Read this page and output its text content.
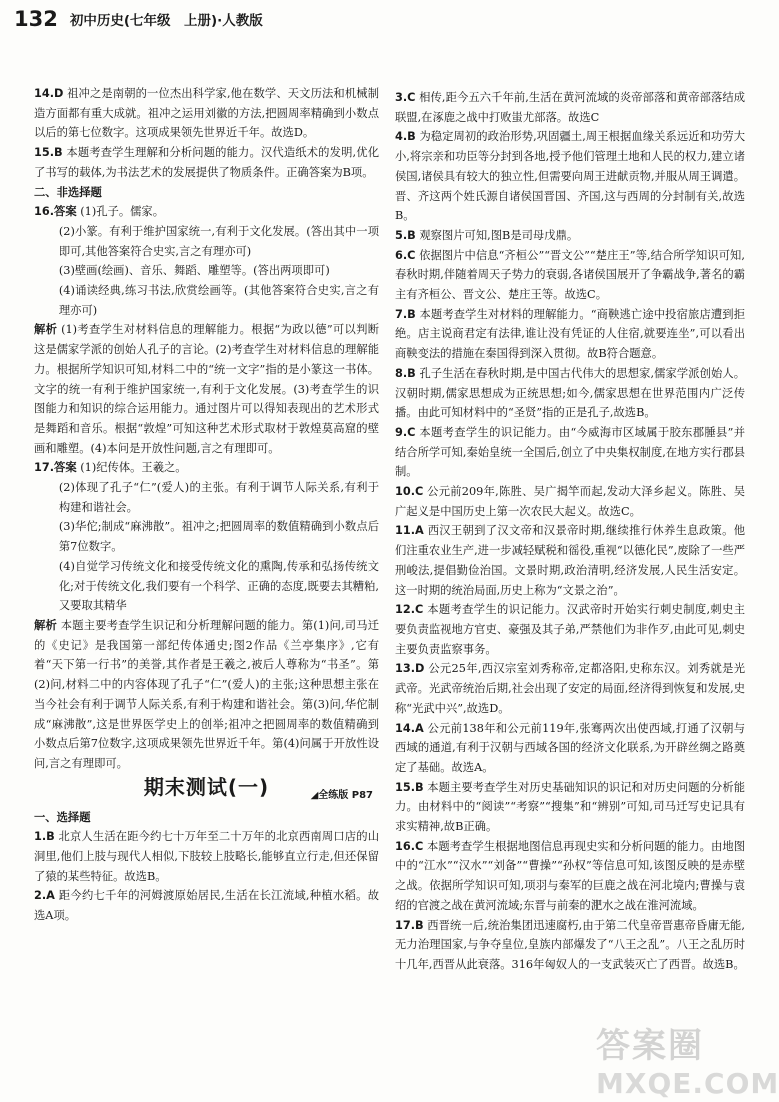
132 初中历史(七年级　上册)·人教版
14.D 祖冲之是南朝的一位杰出科学家,他在数学、天文历法和机械制造方面都有重大成就。祖冲之运用刘徽的方法,把圆周率精确到小数点以后的第七位数字。这项成果领先世界近千年。故选D。
15.B 本题考查学生理解和分析问题的能力。汉代造纸术的发明,优化了书写的载体,为书法艺术的发展提供了物质条件。正确答案为B项。
二、非选择题
16.答案 (1)孔子。儒家。
(2)小篆。有利于维护国家统一,有利于文化发展。(答出其中一项即可,其他答案符合史实,言之有理亦可)
(3)壁画(绘画)、音乐、舞蹈、雕塑等。(答出两项即可)
(4)诵读经典,练习书法,欣赏绘画等。(其他答案符合史实,言之有理亦可)
解析 (1)考查学生对材料信息的理解能力。根据“为政以德”可以判断这是儒家学派的创始人孔子的言论。(2)考查学生对材料信息的理解能力。根据所学知识可知,材料二中的“统一文字”指的是小篆这一书体。文字的统一有利于维护国家统一,有利于文化发展。(3)考查学生的识图能力和知识的综合运用能力。通过图片可以得知表现出的艺术形式是舞蹈和音乐。根据“敦煌”可知这种艺术形式取材于敦煌莫高窟的壁画和雕塑。(4)本问是开放性问题,言之有理即可。
17.答案 (1)纪传体。王羲之。
(2)体现了孔子“仁”(爱人)的主张。有利于调节人际关系,有利于构建和谐社会。
(3)华佗;制成“麻沸散”。祖冲之;把圆周率的数值精确到小数点后第7位数字。
(4)自觉学习传统文化和接受传统文化的熏陶,传承和弘扬传统文化;对于传统文化,我们要有一个科学、正确的态度,既要去其糟粕,又要取其精华
解析 本题主要考查学生识记和分析理解问题的能力。第(1)问,司马迁的《史记》是我国第一部纪传体通史;图2作品《兰亭集序》,它有着“天下第一行书”的美誉,其作者是王羲之,被后人尊称为“书圣”。第(2)问,材料二中的内容体现了孔子“仁”(爱人)的主张;这种思想主张在当今社会有利于调节人际关系,有利于构建和谐社会。第(3)问,华佗制成“麻沸散”,这是世界医学史上的创举;祖冲之把圆周率的数值精确到小数点后第7位数字,这项成果领先世界近千年。第(4)问属于开放性设问,言之有理即可。
期末测试(一)	◢全练版 P87
一、选择题
1.B 北京人生活在距今约七十万年至二十万年的北京西南周口店的山洞里,他们上肢与现代人相似,下肢较上肢略长,能够直立行走,但还保留了猿的某些特征。故选B。
2.A 距今约七千年的河姆渡原始居民,生活在长江流域,种植水稻。故选A项。
3.C 相传,距今五六千年前,生活在黄河流域的炎帝部落和黄帝部落结成联盟,在涿鹿之战中打败蚩尤部落。故选C
4.B 为稳定周初的政治形势,巩固疆土,周王根据血缘关系远近和功劳大小,将宗亲和功臣等分封到各地,授予他们管理土地和人民的权力,建立诸侯国,诸侯具有较大的独立性,但需要向周王进献贡物,并服从周王调遣。晋、齐这两个姓氏源自诸侯国晋国、齐国,这与西周的分封制有关,故选B。
5.B 观察图片可知,图B是司母戊鼎。
6.C 依据图片中信息“齐桓公”“晋文公”“楚庄王”等,结合所学知识可知,春秋时期,伴随着周天子势力的衰弱,各诸侯国展开了争霸战争,著名的霸主有齐桓公、晋文公、楚庄王等。故选C。
7.B 本题考查学生对材料的理解能力。“商鞅逃亡途中投宿旅店遭到拒绝。店主说商君定有法律,谁让没有凭证的人住宿,就要连坐”,可以看出商鞅变法的措施在秦国得到深入贯彻。故B符合题意。
8.B 孔子生活在春秋时期,是中国古代伟大的思想家,儒家学派创始人。汉朝时期,儒家思想成为正统思想;如今,儒家思想在世界范围内广泛传播。由此可知材料中的“圣贤”指的正是孔子,故选B。
9.C 本题考查学生的识记能力。由“今威海市区域属于胶东郡腄县”并结合所学可知,秦始皇统一全国后,创立了中央集权制度,在地方实行郡县制。
10.C 公元前209年,陈胜、吴广揭竿而起,发动大泽乡起义。陈胜、吴广起义是中国历史上第一次农民大起义。故选C。
11.A 西汉王朝到了汉文帝和汉景帝时期,继续推行休养生息政策。他们注重农业生产,进一步减轻赋税和徭役,重视“以德化民”,废除了一些严刑峻法,提倡勤俭治国。文景时期,政治清明,经济发展,人民生活安定。这一时期的统治局面,历史上称为“文景之治”。
12.C 本题考查学生的识记能力。汉武帝时开始实行刺史制度,刺史主要负责监视地方官吏、豪强及其子弟,严禁他们为非作歹,由此可见,刺史主要负责监察事务。
13.D 公元25年,西汉宗室刘秀称帝,定都洛阳,史称东汉。刘秀就是光武帝。光武帝统治后期,社会出现了安定的局面,经济得到恢复和发展,史称“光武中兴”,故选D。
14.A 公元前138年和公元前119年,张骞两次出使西域,打通了汉朝与西域的通道,有利于汉朝与西域各国的经济文化联系,为开辟丝绸之路奠定了基础。故选A。
15.B 本题主要考查学生对历史基础知识的识记和对历史问题的分析能力。由材料中的“阅读”“考察”“搜集”和“辨别”可知,司马迁写史记具有求实精神,故B正确。
16.C 本题考查学生根据地图信息再现史实和分析问题的能力。由地图中的“江水”“汉水”“刘备”“曹操”“孙权”等信息可知,该图反映的是赤壁之战。依据所学知识可知,项羽与秦军的巨鹿之战在河北境内;曹操与袁绍的官渡之战在黄河流域;东晋与前秦的淝水之战在淮河流域。
17.B 西晋统一后,统治集团迅速腐朽,由于第二代皇帝晋惠帝昏庸无能,无力治理国家,与争夺皇位,皇族内部爆发了“八王之乱”。八王之乱历时十几年,西晋从此衰落。316年匈奴人的一支武装灭亡了西晋。故选B。
答案圈
MXQE.COM
